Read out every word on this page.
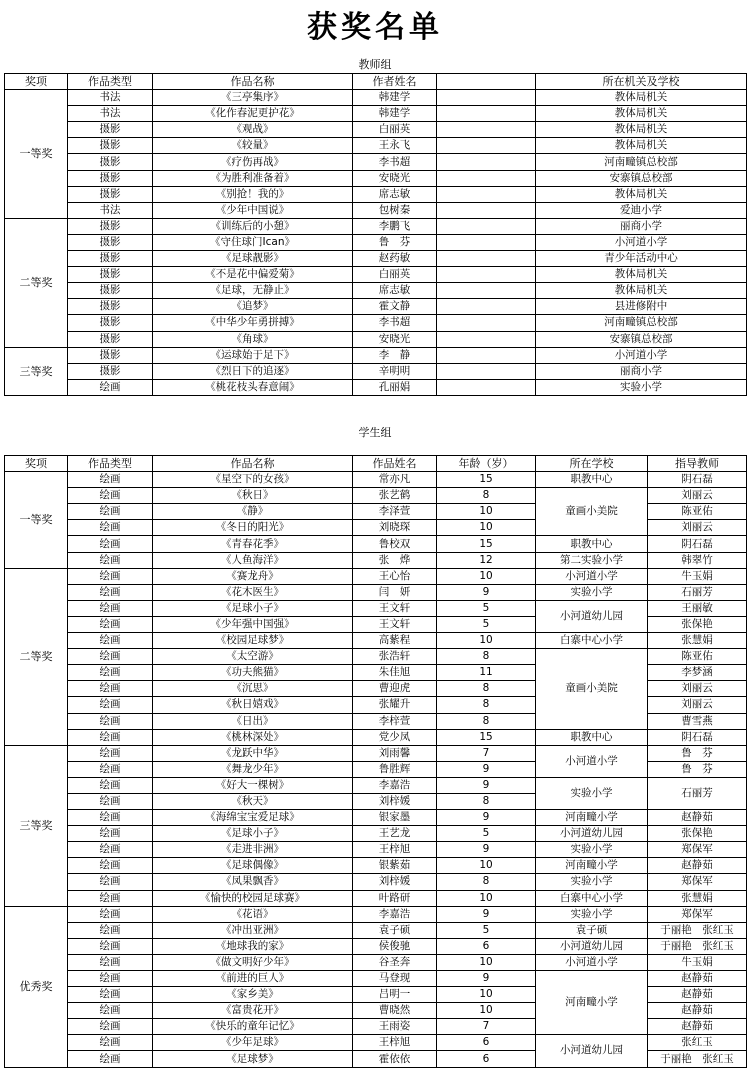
获奖名单
教师组
奖项	作品类型	作品名称	作者姓名		所在机关及学校
一等奖	书法	《三亭集序》	韩建学		教体局机关
	书法	《化作春泥更护花》	韩建学		教体局机关
	摄影	《观战》	白丽英		教体局机关
	摄影	《较量》	王永飞		教体局机关
	摄影	《疗伤再战》	李书超		河南疃镇总校部
	摄影	《为胜利准备着》	安晓光		安寨镇总校部
	摄影	《别抢！我的》	席志敏		教体局机关
	书法	《少年中国说》	包树秦		爱迪小学
二等奖	摄影	《训练后的小憩》	李鹏飞		丽商小学
	摄影	《守住球门Ican》	鲁　芬		小河道小学
	摄影	《足球靓影》	赵药敏		青少年活动中心
	摄影	《不是花中偏爱菊》	白丽英		教体局机关
	摄影	《足球，无静止》	席志敏		教体局机关
	摄影	《追梦》	霍文静		县进修附中
	摄影	《中华少年勇拼搏》	李书超		河南疃镇总校部
	摄影	《角球》	安晓光		安寨镇总校部
三等奖	摄影	《运球始于足下》	李　静		小河道小学
	摄影	《烈日下的追逐》	辛明明		丽商小学
	绘画	《桃花枝头春意闹》	孔丽娟		实验小学
学生组
奖项	作品类型	作品名称	作品姓名	年龄（岁）	所在学校	指导教师
一等奖	绘画	《星空下的女孩》	常亦凡	15	职教中心	阴石磊
	绘画	《秋日》	张艺鹤	8	童画小美院	刘丽云
	绘画	《静》	李泽萱	10		陈亚佑
	绘画	《冬日的阳光》	刘晓琛	10		刘丽云
	绘画	《青春花季》	鲁校双	15	职教中心	阴石磊
	绘画	《人鱼海洋》	张　烨	12	第二实验小学	韩翠竹
二等奖	绘画	《赛龙舟》	王心怡	10	小河道小学	牛玉娟
	绘画	《花木医生》	闫　妍	9	实验小学	石丽芳
	绘画	《足球小子》	王文轩	5	小河道幼儿园	王丽敏
	绘画	《少年强中国强》	王文轩	5		张保艳
	绘画	《校园足球梦》	高紫程	10	白寨中心小学	张慧娟
	绘画	《太空游》	张浩轩	8	童画小美院	陈亚佑
	绘画	《功夫熊猫》	朱佳旭	11		李梦涵
	绘画	《沉思》	曹迎虎	8		刘丽云
	绘画	《秋日嬉戏》	张耀升	8		刘丽云
	绘画	《日出》	李梓萱	8		曹雪燕
	绘画	《桃林深处》	党少凤	15	职教中心	阴石磊
三等奖	绘画	《龙跃中华》	刘雨馨	7	小河道小学	鲁　芬
	绘画	《舞龙少年》	鲁胜辉	9		鲁　芬
	绘画	《好大一棵树》	李嘉浩	9	实验小学	石丽芳
	绘画	《秋天》	刘梓媛	8		
	绘画	《海绵宝宝爱足球》	银家墨	9	河南疃小学	赵静茹
	绘画	《足球小子》	王艺龙	5	小河道幼儿园	张保艳
	绘画	《走进非洲》	王梓旭	9	实验小学	郑保军
	绘画	《足球偶像》	银紫茹	10	河南疃小学	赵静茹
	绘画	《凤果飘香》	刘梓媛	8	实验小学	郑保军
	绘画	《愉快的校园足球赛》	叶路研	10	白寨中心小学	张慧娟
优秀奖	绘画	《花语》	李嘉浩	9	实验小学	郑保军
	绘画	《冲出亚洲》	袁子硕	5	袁子硕	于丽艳　张红玉
	绘画	《地球我的家》	侯俊驰	6	小河道幼儿园	于丽艳　张红玉
	绘画	《做文明好少年》	谷圣奔	10	小河道小学	牛玉娟
	绘画	《前进的巨人》	马登现	9	河南疃小学	赵静茹
	绘画	《家乡美》	吕明一	10		赵静茹
	绘画	《富贵花开》	曹晓然	10		赵静茹
	绘画	《快乐的童年记忆》	王雨姿	7		赵静茹
	绘画	《少年足球》	王梓旭	6	小河道幼儿园	张红玉
	绘画	《足球梦》	霍依依	6		于丽艳　张红玉
